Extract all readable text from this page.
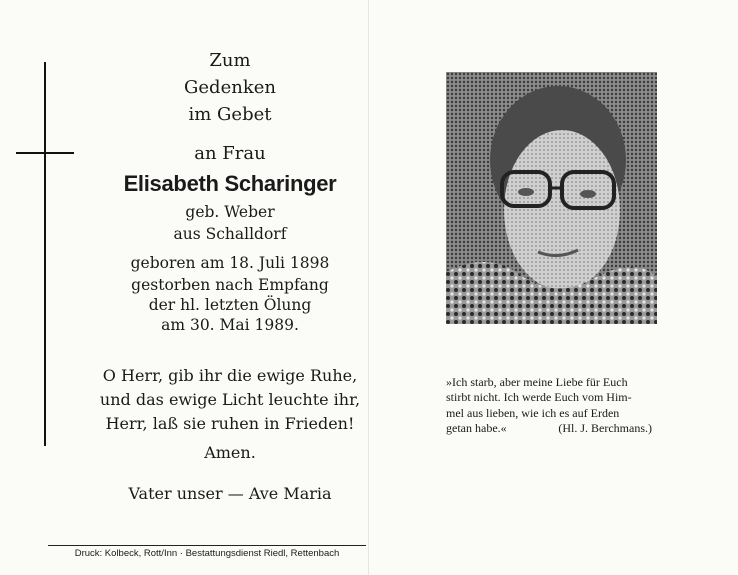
Zum
Gedenken
im Gebet
an Frau
Elisabeth Scharinger
geb. Weber
aus Schalldorf
geboren am 18. Juli 1898
gestorben nach Empfang
der hl. letzten Ölung
am 30. Mai 1989.
O Herr, gib ihr die ewige Ruhe,
und das ewige Licht leuchte ihr,
Herr, laß sie ruhen in Frieden!
Amen.
Vater unser — Ave Maria
Druck: Kolbeck, Rott/Inn · Bestattungsdienst Riedl, Rettenbach
»Ich starb, aber meine Liebe für Euch
stirbt nicht. Ich werde Euch vom Him-
mel aus lieben, wie ich es auf Erden
getan habe.«	(Hl. J. Berchmans.)
